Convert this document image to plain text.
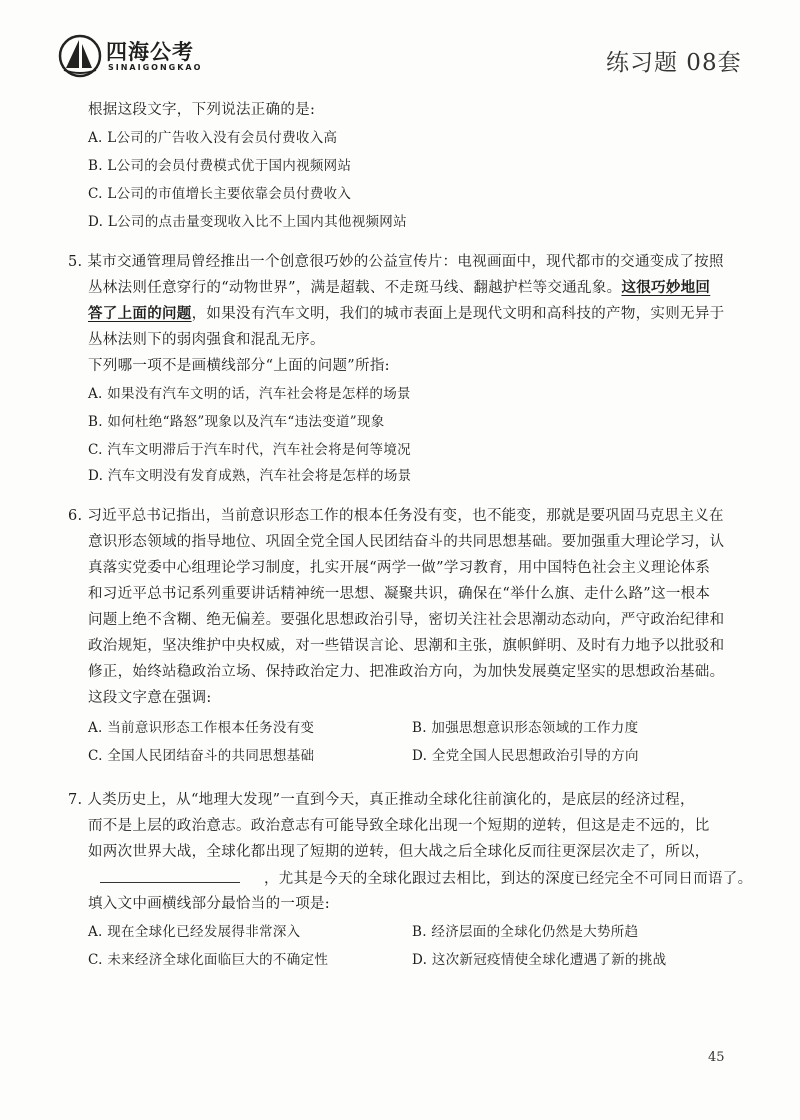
四海公考
SINAIGONGKAO	练习题 08套
根据这段文字，下列说法正确的是:
A. L公司的广告收入没有会员付费收入高
B. L公司的会员付费模式优于国内视频网站
C. L公司的市值增长主要依靠会员付费收入
D. L公司的点击量变现收入比不上国内其他视频网站
5. 某市交通管理局曾经推出一个创意很巧妙的公益宣传片：电视画面中，现代都市的交通变成了按照
丛林法则任意穿行的“动物世界”，满是超载、不走斑马线、翻越护栏等交通乱象。这很巧妙地回
答了上面的问题，如果没有汽车文明，我们的城市表面上是现代文明和高科技的产物，实则无异于
丛林法则下的弱肉强食和混乱无序。
下列哪一项不是画横线部分“上面的问题”所指:
A. 如果没有汽车文明的话，汽车社会将是怎样的场景
B. 如何杜绝“路怒”现象以及汽车“违法变道”现象
C. 汽车文明滞后于汽车时代，汽车社会将是何等境况
D. 汽车文明没有发育成熟，汽车社会将是怎样的场景
6. 习近平总书记指出，当前意识形态工作的根本任务没有变，也不能变，那就是要巩固马克思主义在
意识形态领域的指导地位、巩固全党全国人民团结奋斗的共同思想基础。要加强重大理论学习，认
真落实党委中心组理论学习制度，扎实开展“两学一做”学习教育，用中国特色社会主义理论体系
和习近平总书记系列重要讲话精神统一思想、凝聚共识，确保在“举什么旗、走什么路”这一根本
问题上绝不含糊、绝无偏差。要强化思想政治引导，密切关注社会思潮动态动向，严守政治纪律和
政治规矩，坚决维护中央权威，对一些错误言论、思潮和主张，旗帜鲜明、及时有力地予以批驳和
修正，始终站稳政治立场、保持政治定力、把准政治方向，为加快发展奠定坚实的思想政治基础。
这段文字意在强调:
A. 当前意识形态工作根本任务没有变	B. 加强思想意识形态领域的工作力度
C. 全国人民团结奋斗的共同思想基础	D. 全党全国人民思想政治引导的方向
7. 人类历史上，从“地理大发现”一直到今天，真正推动全球化往前演化的，是底层的经济过程，
而不是上层的政治意志。政治意志有可能导致全球化出现一个短期的逆转，但这是走不远的，比
如两次世界大战，全球化都出现了短期的逆转，但大战之后全球化反而往更深层次走了，所以，
，尤其是今天的全球化跟过去相比，到达的深度已经完全不可同日而语了。
填入文中画横线部分最恰当的一项是:
A. 现在全球化已经发展得非常深入	B. 经济层面的全球化仍然是大势所趋
C. 未来经济全球化面临巨大的不确定性	D. 这次新冠疫情使全球化遭遇了新的挑战
45
